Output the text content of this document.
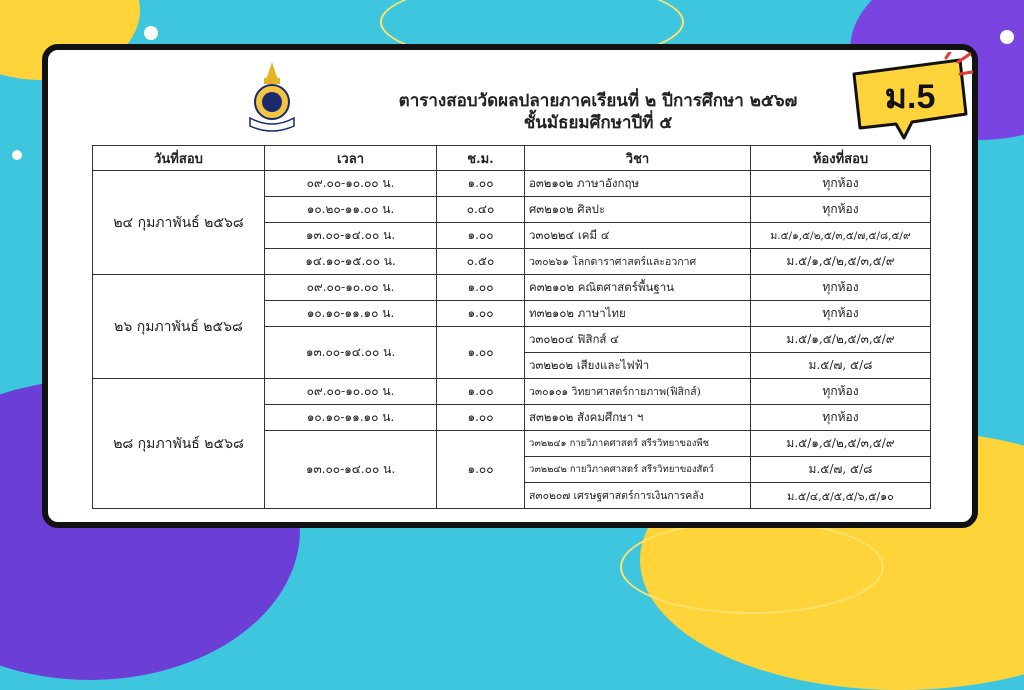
ตารางสอบวัดผลปลายภาคเรียนที่ ๒ ปีการศึกษา ๒๕๖๗
ชั้นมัธยมศึกษาปีที่ ๕
วันที่สอบ	เวลา	ช.ม.	วิชา	ห้องที่สอบ
๒๔ กุมภาพันธ์ ๒๕๖๘	๐๙.๐๐-๑๐.๐๐ น.	๑.๐๐	อ๓๒๑๐๒ ภาษาอังกฤษ	ทุกห้อง
	๑๐.๒๐-๑๑.๐๐ น.	๐.๔๐	ศ๓๒๑๐๒ ศิลปะ	ทุกห้อง
	๑๓.๐๐-๑๔.๐๐ น.	๑.๐๐	ว๓๐๒๒๔ เคมี ๔	ม.๕/๑,๕/๒,๕/๓,๕/๗,๕/๘,๕/๙
	๑๔.๑๐-๑๕.๐๐ น.	๐.๕๐	ว๓๐๒๖๑ โลกดาราศาสตร์และอวกาศ	ม.๕/๑,๕/๒,๕/๓,๕/๙
๒๖ กุมภาพันธ์ ๒๕๖๘	๐๙.๐๐-๑๐.๐๐ น.	๑.๐๐	ค๓๒๑๐๒ คณิตศาสตร์พื้นฐาน	ทุกห้อง
	๑๐.๑๐-๑๑.๑๐ น.	๑.๐๐	ท๓๒๑๐๒ ภาษาไทย	ทุกห้อง
	๑๓.๐๐-๑๔.๐๐ น.	๑.๐๐	ว๓๐๒๐๔ ฟิสิกส์ ๔	ม.๕/๑,๕/๒,๕/๓,๕/๙
			ว๓๒๒๐๒ เสียงและไฟฟ้า	ม.๕/๗, ๕/๘
๒๘ กุมภาพันธ์ ๒๕๖๘	๐๙.๐๐-๑๐.๐๐ น.	๑.๐๐	ว๓๐๑๐๑ วิทยาศาสตร์กายภาพ(ฟิสิกส์)	ทุกห้อง
	๑๐.๑๐-๑๑.๑๐ น.	๑.๐๐	ส๓๒๑๐๒ สังคมศึกษา ฯ	ทุกห้อง
	๑๓.๐๐-๑๔.๐๐ น.	๑.๐๐	ว๓๒๒๔๑ กายวิภาคศาสตร์ สรีรวิทยาของพืช	ม.๕/๑,๕/๒,๕/๓,๕/๙
			ว๓๒๒๔๒ กายวิภาคศาสตร์ สรีรวิทยาของสัตว์	ม.๕/๗, ๕/๘
			ส๓๐๒๐๗ เศรษฐศาสตร์การเงินการคลัง	ม.๕/๔,๕/๕,๕/๖,๕/๑๐
ม.5
